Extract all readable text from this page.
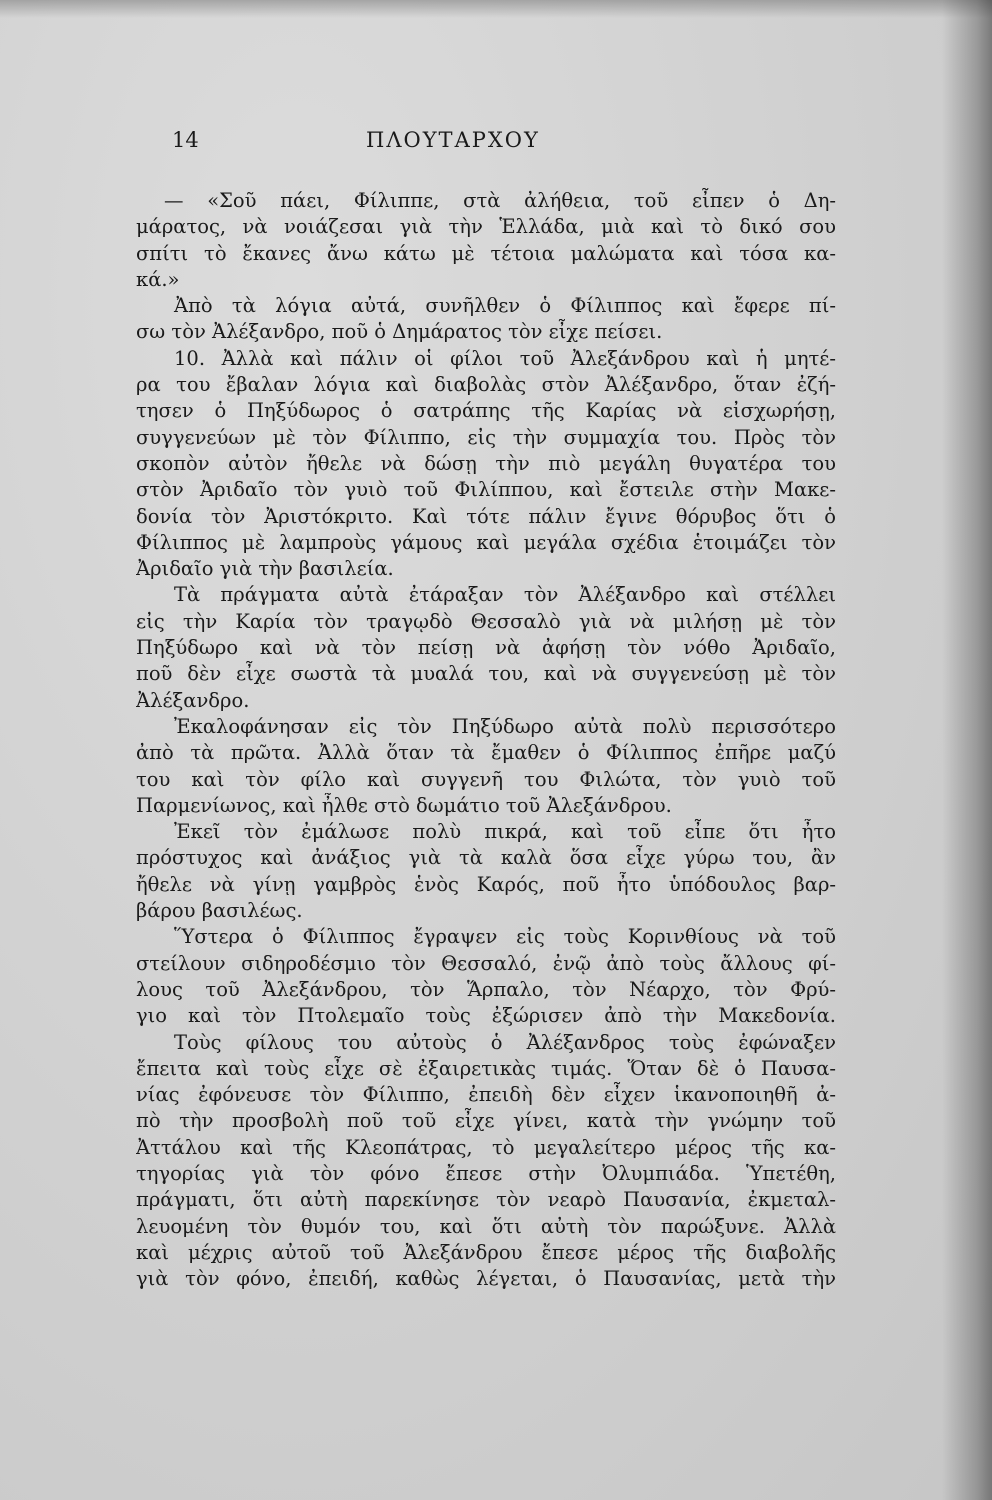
14	ΠΛΟΥΤΑΡΧΟΥ
— «Σοῦ πάει, Φίλιππε, στὰ ἀλήθεια, τοῦ εἶπεν ὁ Δη-
μάρατος, νὰ νοιάζεσαι γιὰ τὴν Ἑλλάδα, μιὰ καὶ τὸ δικό σου
σπίτι τὸ ἔκανες ἄνω κάτω μὲ τέτοια μαλώματα καὶ τόσα κα-
κά.»
Ἀπὸ τὰ λόγια αὐτά, συνῆλθεν ὁ Φίλιππος καὶ ἔφερε πί-
σω τὸν Ἀλέξανδρο, ποῦ ὁ Δημάρατος τὸν εἶχε πείσει.
10. Ἀλλὰ καὶ πάλιν οἱ φίλοι τοῦ Ἀλεξάνδρου καὶ ἡ μητέ-
ρα του ἔβαλαν λόγια καὶ διαβολὰς στὸν Ἀλέξανδρο, ὅταν ἐζή-
τησεν ὁ Πηξύδωρος ὁ σατράπης τῆς Καρίας νὰ εἰσχωρήσῃ,
συγγενεύων μὲ τὸν Φίλιππο, εἰς τὴν συμμαχία του. Πρὸς τὸν
σκοπὸν αὐτὸν ἤθελε νὰ δώσῃ τὴν πιὸ μεγάλη θυγατέρα του
στὸν Ἀριδαῖο τὸν γυιὸ τοῦ Φιλίππου, καὶ ἔστειλε στὴν Μακε-
δονία τὸν Ἀριστόκριτο. Καὶ τότε πάλιν ἔγινε θόρυβος ὅτι ὁ
Φίλιππος μὲ λαμπροὺς γάμους καὶ μεγάλα σχέδια ἑτοιμάζει τὸν
Ἀριδαῖο γιὰ τὴν βασιλεία.
Τὰ πράγματα αὐτὰ ἐτάραξαν τὸν Ἀλέξανδρο καὶ στέλλει
εἰς τὴν Καρία τὸν τραγῳδὸ Θεσσαλὸ γιὰ νὰ μιλήσῃ μὲ τὸν
Πηξύδωρο καὶ νὰ τὸν πείσῃ νὰ ἀφήσῃ τὸν νόθο Ἀριδαῖο,
ποῦ δὲν εἶχε σωστὰ τὰ μυαλά του, καὶ νὰ συγγενεύσῃ μὲ τὸν
Ἀλέξανδρο.
Ἐκαλοφάνησαν εἰς τὸν Πηξύδωρο αὐτὰ πολὺ περισσότερο
ἀπὸ τὰ πρῶτα. Ἀλλὰ ὅταν τὰ ἔμαθεν ὁ Φίλιππος ἐπῆρε μαζύ
του καὶ τὸν φίλο καὶ συγγενῆ του Φιλώτα, τὸν γυιὸ τοῦ
Παρμενίωνος, καὶ ἦλθε στὸ δωμάτιο τοῦ Ἀλεξάνδρου.
Ἐκεῖ τὸν ἐμάλωσε πολὺ πικρά, καὶ τοῦ εἶπε ὅτι ἦτο
πρόστυχος καὶ ἀνάξιος γιὰ τὰ καλὰ ὅσα εἶχε γύρω του, ἂν
ἤθελε νὰ γίνῃ γαμβρὸς ἑνὸς Καρός, ποῦ ἦτο ὑπόδουλος βαρ-
βάρου βασιλέως.
Ὕστερα ὁ Φίλιππος ἔγραψεν εἰς τοὺς Κορινθίους νὰ τοῦ
στείλουν σιδηροδέσμιο τὸν Θεσσαλό, ἐνῷ ἀπὸ τοὺς ἄλλους φί-
λους τοῦ Ἀλεξάνδρου, τὸν Ἅρπαλο, τὸν Νέαρχο, τὸν Φρύ-
γιο καὶ τὸν Πτολεμαῖο τοὺς ἐξώρισεν ἀπὸ τὴν Μακεδονία.
Τοὺς φίλους του αὐτοὺς ὁ Ἀλέξανδρος τοὺς ἐφώναξεν
ἔπειτα καὶ τοὺς εἶχε σὲ ἐξαιρετικὰς τιμάς. Ὅταν δὲ ὁ Παυσα-
νίας ἐφόνευσε τὸν Φίλιππο, ἐπειδὴ δὲν εἶχεν ἱκανοποιηθῆ ἀ-
πὸ τὴν προσβολὴ ποῦ τοῦ εἶχε γίνει, κατὰ τὴν γνώμην τοῦ
Ἀττάλου καὶ τῆς Κλεοπάτρας, τὸ μεγαλείτερο μέρος τῆς κα-
τηγορίας γιὰ τὸν φόνο ἔπεσε στὴν Ὀλυμπιάδα. Ὑπετέθη,
πράγματι, ὅτι αὐτὴ παρεκίνησε τὸν νεαρὸ Παυσανία, ἐκμεταλ-
λευομένη τὸν θυμόν του, καὶ ὅτι αὐτὴ τὸν παρώξυνε. Ἀλλὰ
καὶ μέχρις αὐτοῦ τοῦ Ἀλεξάνδρου ἔπεσε μέρος τῆς διαβολῆς
γιὰ τὸν φόνο, ἐπειδή, καθὼς λέγεται, ὁ Παυσανίας, μετὰ τὴν
